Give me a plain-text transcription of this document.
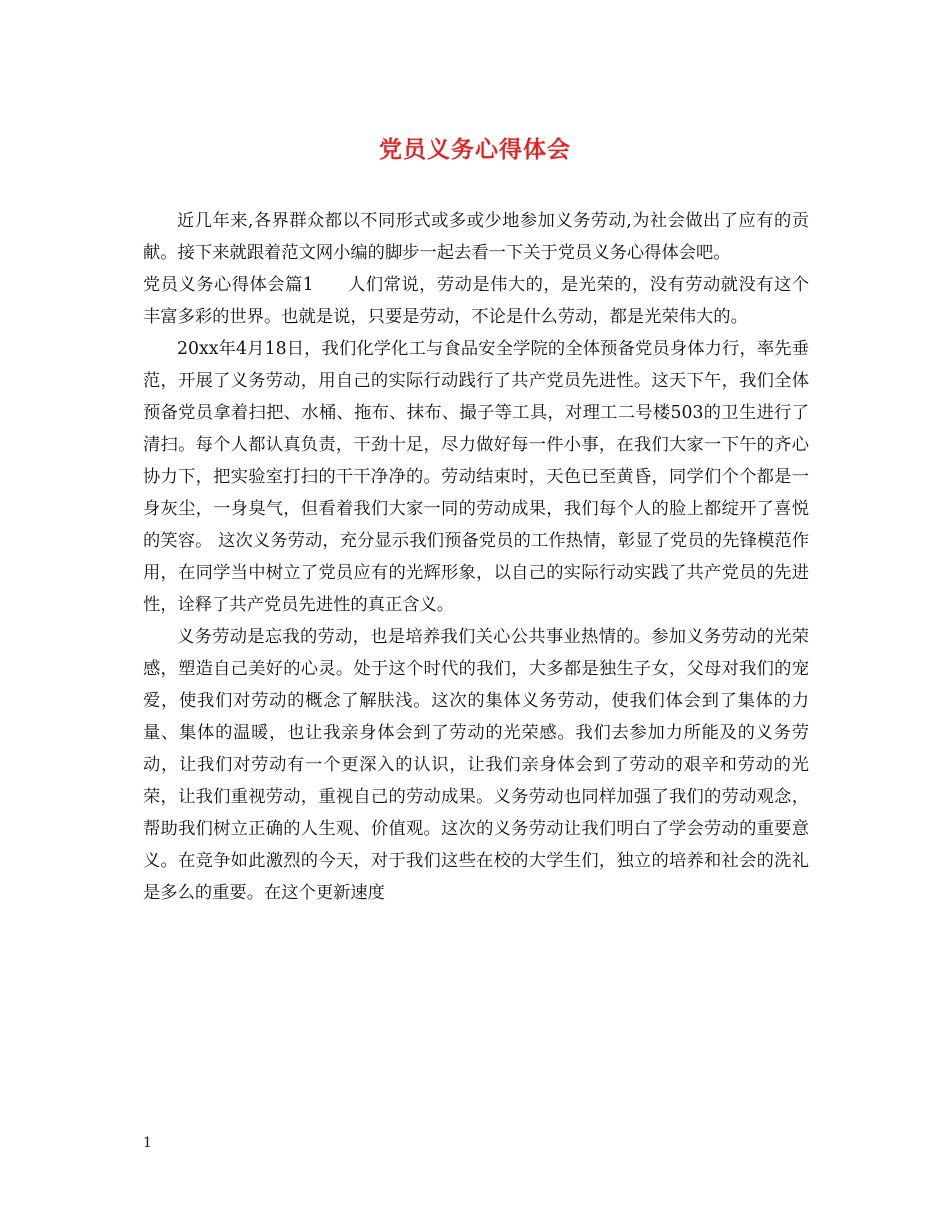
党员义务心得体会

近几年来,各界群众都以不同形式或多或少地参加义务劳动,为社会做出了应有的贡献。接下来就跟着范文网小编的脚步一起去看一下关于党员义务心得体会吧。

党员义务心得体会篇1 人们常说，劳动是伟大的，是光荣的，没有劳动就没有这个丰富多彩的世界。也就是说，只要是劳动，不论是什么劳动，都是光荣伟大的。

20xx年4月18日，我们化学化工与食品安全学院的全体预备党员身体力行，率先垂范，开展了义务劳动，用自己的实际行动践行了共产党员先进性。这天下午，我们全体预备党员拿着扫把、水桶、拖布、抹布、撮子等工具，对理工二号楼503的卫生进行了清扫。每个人都认真负责，干劲十足，尽力做好每一件小事，在我们大家一下午的齐心协力下，把实验室打扫的干干净净的。劳动结束时，天色已至黄昏，同学们个个都是一身灰尘，一身臭气，但看着我们大家一同的劳动成果，我们每个人的脸上都绽开了喜悦的笑容。 这次义务劳动，充分显示我们预备党员的工作热情，彰显了党员的先锋模范作用，在同学当中树立了党员应有的光辉形象，以自己的实际行动实践了共产党员的先进性，诠释了共产党员先进性的真正含义。

义务劳动是忘我的劳动，也是培养我们关心公共事业热情的。参加义务劳动的光荣感，塑造自己美好的心灵。处于这个时代的我们，大多都是独生子女，父母对我们的宠爱，使我们对劳动的概念了解肤浅。这次的集体义务劳动，使我们体会到了集体的力量、集体的温暖，也让我亲身体会到了劳动的光荣感。我们去参加力所能及的义务劳动，让我们对劳动有一个更深入的认识，让我们亲身体会到了劳动的艰辛和劳动的光荣，让我们重视劳动，重视自己的劳动成果。义务劳动也同样加强了我们的劳动观念，帮助我们树立正确的人生观、价值观。这次的义务劳动让我们明白了学会劳动的重要意义。在竞争如此激烈的今天，对于我们这些在校的大学生们，独立的培养和社会的洗礼是多么的重要。在这个更新速度

1
